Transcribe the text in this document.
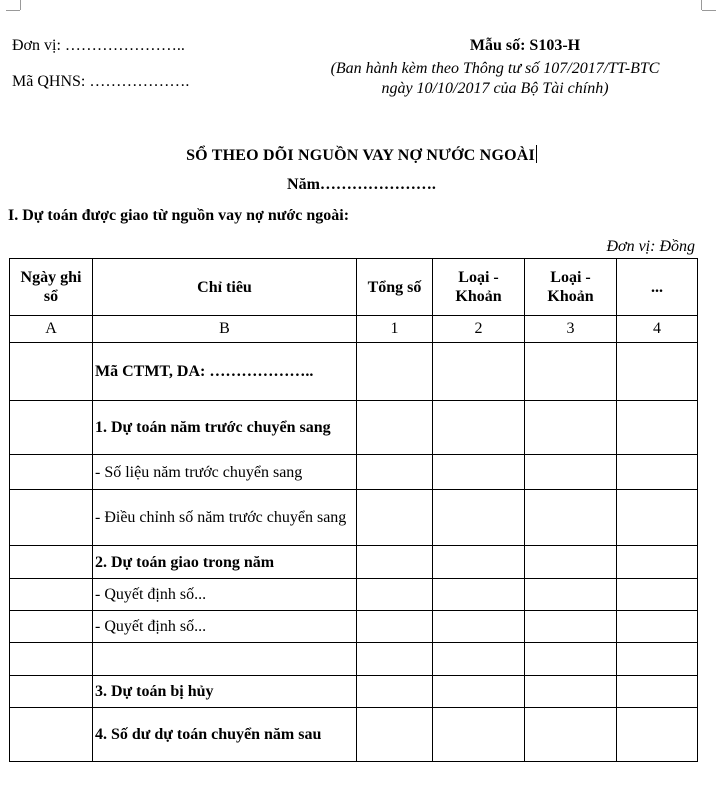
Đơn vị: …………………..
Mã QHNS: ……………….
Mẫu số: S103-H
(Ban hành kèm theo Thông tư số 107/2017/TT-BTC
ngày 10/10/2017 của Bộ Tài chính)
SỔ THEO DÕI NGUỒN VAY NỢ NƯỚC NGOÀI
Năm………………….
I. Dự toán được giao từ nguồn vay nợ nước ngoài:
Đơn vị: Đồng
Ngày ghi sổ	Chỉ tiêu	Tổng số	Loại - Khoản	Loại - Khoản	...
A	B	1	2	3	4
	Mã CTMT, DA: ………………..				
	1. Dự toán năm trước chuyển sang				
	- Số liệu năm trước chuyển sang				
	- Điều chỉnh số năm trước chuyển sang				
	2. Dự toán giao trong năm				
	- Quyết định số...				
	- Quyết định số...				

	3. Dự toán bị hủy				
	4. Số dư dự toán chuyển năm sau				
